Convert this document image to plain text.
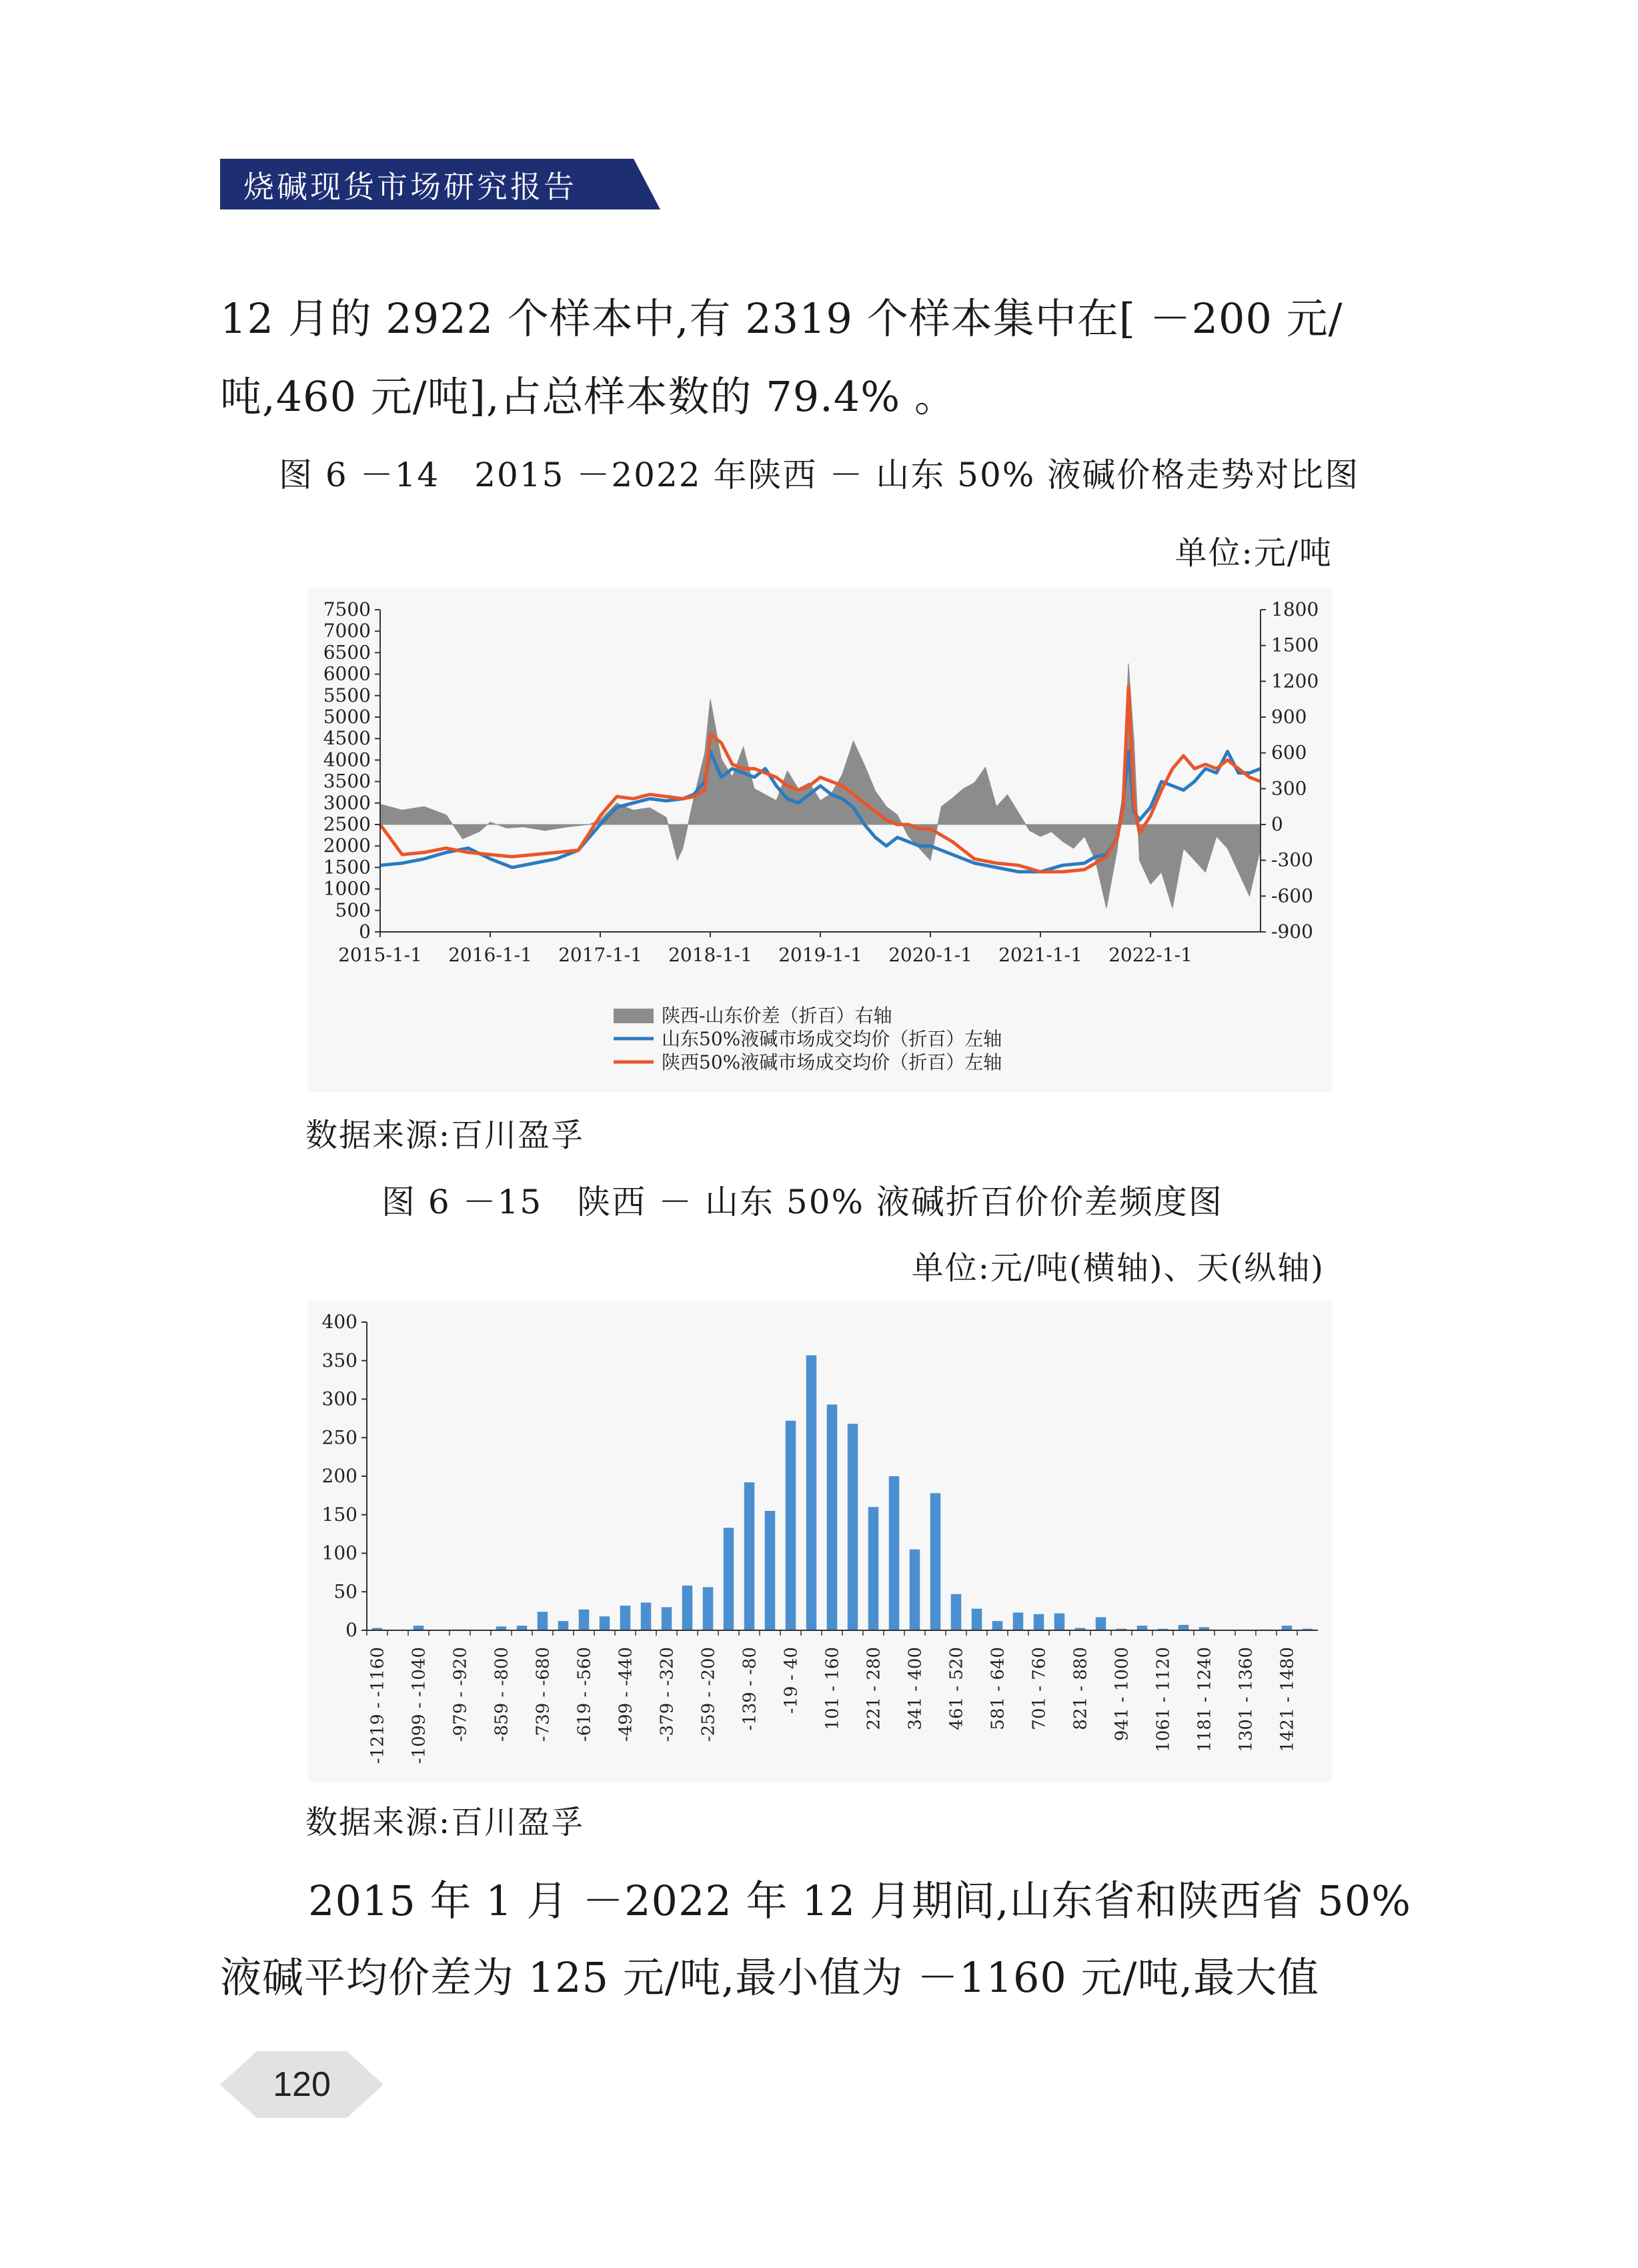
烧碱现货市场研究报告
12 月的 2922 个样本中,有 2319 个样本集中在[ －200 元/
吨,460 元/吨],占总样本数的 79.4% 。
图 6 －14　2015 －2022 年陕西 － 山东 50% 液碱价格走势对比图
单位:元/吨
0
500
1000
1500
2000
2500
3000
3500
4000
4500
5000
5500
6000
6500
7000
7500
-900
-600
-300
0
300
600
900
1200
1500
1800
2015-1-1 2016-1-1 2017-1-1 2018-1-1 2019-1-1 2020-1-1 2021-1-1 2022-1-1
陕西-山东价差（折百）右轴
山东50%液碱市场成交均价（折百）左轴
陕西50%液碱市场成交均价（折百）左轴
数据来源:百川盈孚
图 6 －15　陕西 － 山东 50% 液碱折百价价差频度图
单位:元/吨(横轴)、天(纵轴)
0
50
100
150
200
250
300
350
400
-1219 - -1160 -1099 - -1040 -979 - -920 -859 - -800 -739 - -680 -619 - -560 -499 - -440 -379 - -320 -259 - -200 -139 - -80 -19 - 40 101 - 160 221 - 280 341 - 400 461 - 520 581 - 640 701 - 760 821 - 880 941 - 1000 1061 - 1120 1181 - 1240 1301 - 1360 1421 - 1480
数据来源:百川盈孚
2015 年 1 月 －2022 年 12 月期间,山东省和陕西省 50%
液碱平均价差为 125 元/吨,最小值为 －1160 元/吨,最大值
120
